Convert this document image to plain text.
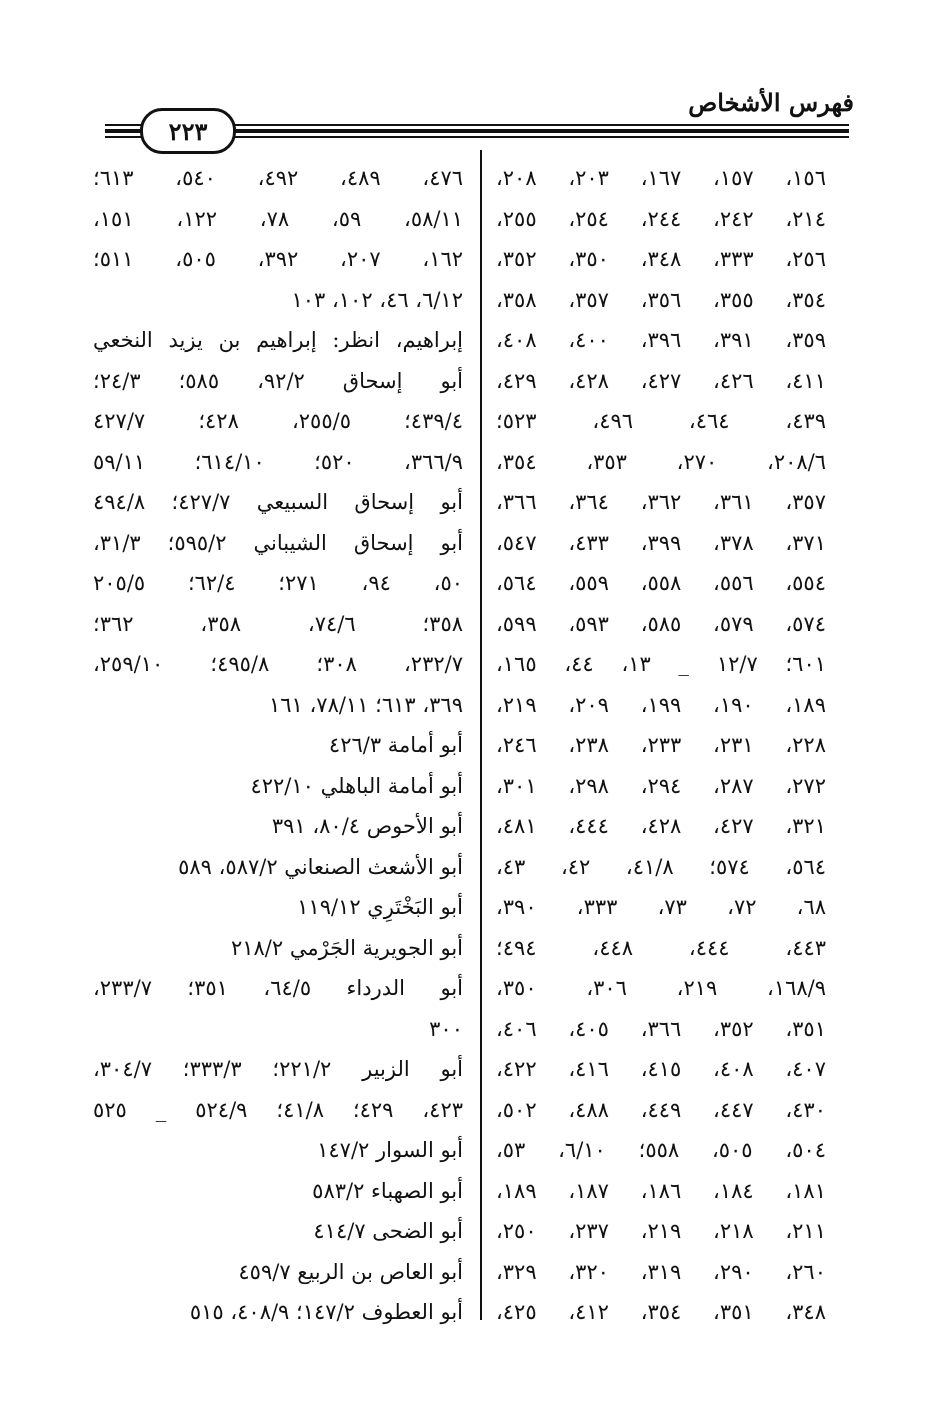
فهرس الأشخاص
٢٢٣
١٥٦، ١٥٧، ١٦٧، ٢٠٣، ٢٠٨،
٢١٤، ٢٤٢، ٢٤٤، ٢٥٤، ٢٥٥،
٢٥٦، ٣٣٣، ٣٤٨، ٣٥٠، ٣٥٢،
٣٥٤، ٣٥٥، ٣٥٦، ٣٥٧، ٣٥٨،
٣٥٩، ٣٩١، ٣٩٦، ٤٠٠، ٤٠٨،
٤١١، ٤٢٦، ٤٢٧، ٤٢٨، ٤٢٩،
٤٣٩، ٤٦٤، ٤٩٦، ٥٢٣؛
٢٠٨/٦، ٢٧٠، ٣٥٣، ٣٥٤،
٣٥٧، ٣٦١، ٣٦٢، ٣٦٤، ٣٦٦،
٣٧١، ٣٧٨، ٣٩٩، ٤٣٣، ٥٤٧،
٥٥٤، ٥٥٦، ٥٥٨، ٥٥٩، ٥٦٤،
٥٧٤، ٥٧٩، ٥٨٥، ٥٩٣، ٥٩٩،
٦٠١؛ ١٢/٧ _ ١٣، ٤٤، ١٦٥،
١٨٩، ١٩٠، ١٩٩، ٢٠٩، ٢١٩،
٢٢٨، ٢٣١، ٢٣٣، ٢٣٨، ٢٤٦،
٢٧٢، ٢٨٧، ٢٩٤، ٢٩٨، ٣٠١،
٣٢١، ٤٢٧، ٤٢٨، ٤٤٤، ٤٨١،
٥٦٤، ٥٧٤؛ ٤١/٨، ٤٢، ٤٣،
٦٨، ٧٢، ٧٣، ٣٣٣، ٣٩٠،
٤٤٣، ٤٤٤، ٤٤٨، ٤٩٤؛
١٦٨/٩، ٢١٩، ٣٠٦، ٣٥٠،
٣٥١، ٣٥٢، ٣٦٦، ٤٠٥، ٤٠٦،
٤٠٧، ٤٠٨، ٤١٥، ٤١٦، ٤٢٢،
٤٣٠، ٤٤٧، ٤٤٩، ٤٨٨، ٥٠٢،
٥٠٤، ٥٠٥، ٥٥٨؛ ٦/١٠، ٥٣،
١٨١، ١٨٤، ١٨٦، ١٨٧، ١٨٩،
٢١١، ٢١٨، ٢١٩، ٢٣٧، ٢٥٠،
٢٦٠، ٢٩٠، ٣١٩، ٣٢٠، ٣٢٩،
٣٤٨، ٣٥١، ٣٥٤، ٤١٢، ٤٢٥،
٤٧٦، ٤٨٩، ٤٩٢، ٥٤٠، ٦١٣؛
٥٨/١١، ٥٩، ٧٨، ١٢٢، ١٥١،
١٦٢، ٢٠٧، ٣٩٢، ٥٠٥، ٥١١؛
٦/١٢، ٤٦، ١٠٢، ١٠٣
إبراهيم، انظر: إبراهيم بن يزيد النخعي
أبو إسحاق ٩٢/٢، ٥٨٥؛ ٢٤/٣؛
٤٣٩/٤؛ ٢٥٥/٥، ٤٢٨؛ ٤٢٧/٧
٣٦٦/٩، ٥٢٠؛ ٦١٤/١٠؛ ٥٩/١١
أبو إسحاق السبيعي ٤٢٧/٧؛ ٤٩٤/٨
أبو إسحاق الشيباني ٥٩٥/٢؛ ٣١/٣،
٥٠، ٩٤، ٢٧١؛ ٦٢/٤؛ ٢٠٥/٥
٣٥٨؛ ٧٤/٦، ٣٥٨، ٣٦٢؛
٢٣٢/٧، ٣٠٨؛ ٤٩٥/٨؛ ٢٥٩/١٠،
٣٦٩، ٦١٣؛ ٧٨/١١، ١٦١
أبو أمامة ٤٢٦/٣
أبو أمامة الباهلي ٤٢٢/١٠
أبو الأحوص ٨٠/٤، ٣٩١
أبو الأشعث الصنعاني ٥٨٧/٢، ٥٨٩
أبو البَخْتَرِي ١١٩/١٢
أبو الجويرية الجَرْمي ٢١٨/٢
أبو الدرداء ٦٤/٥، ٣٥١؛ ٢٣٣/٧،
٣٠٠
أبو الزبير ٢٢١/٢؛ ٣٣٣/٣؛ ٣٠٤/٧،
٤٢٣، ٤٢٩؛ ٤١/٨؛ ٥٢٤/٩ _ ٥٢٥
أبو السوار ١٤٧/٢
أبو الصهباء ٥٨٣/٢
أبو الضحى ٤١٤/٧
أبو العاص بن الربيع ٤٥٩/٧
أبو العطوف ١٤٧/٢؛ ٤٠٨/٩، ٥١٥
